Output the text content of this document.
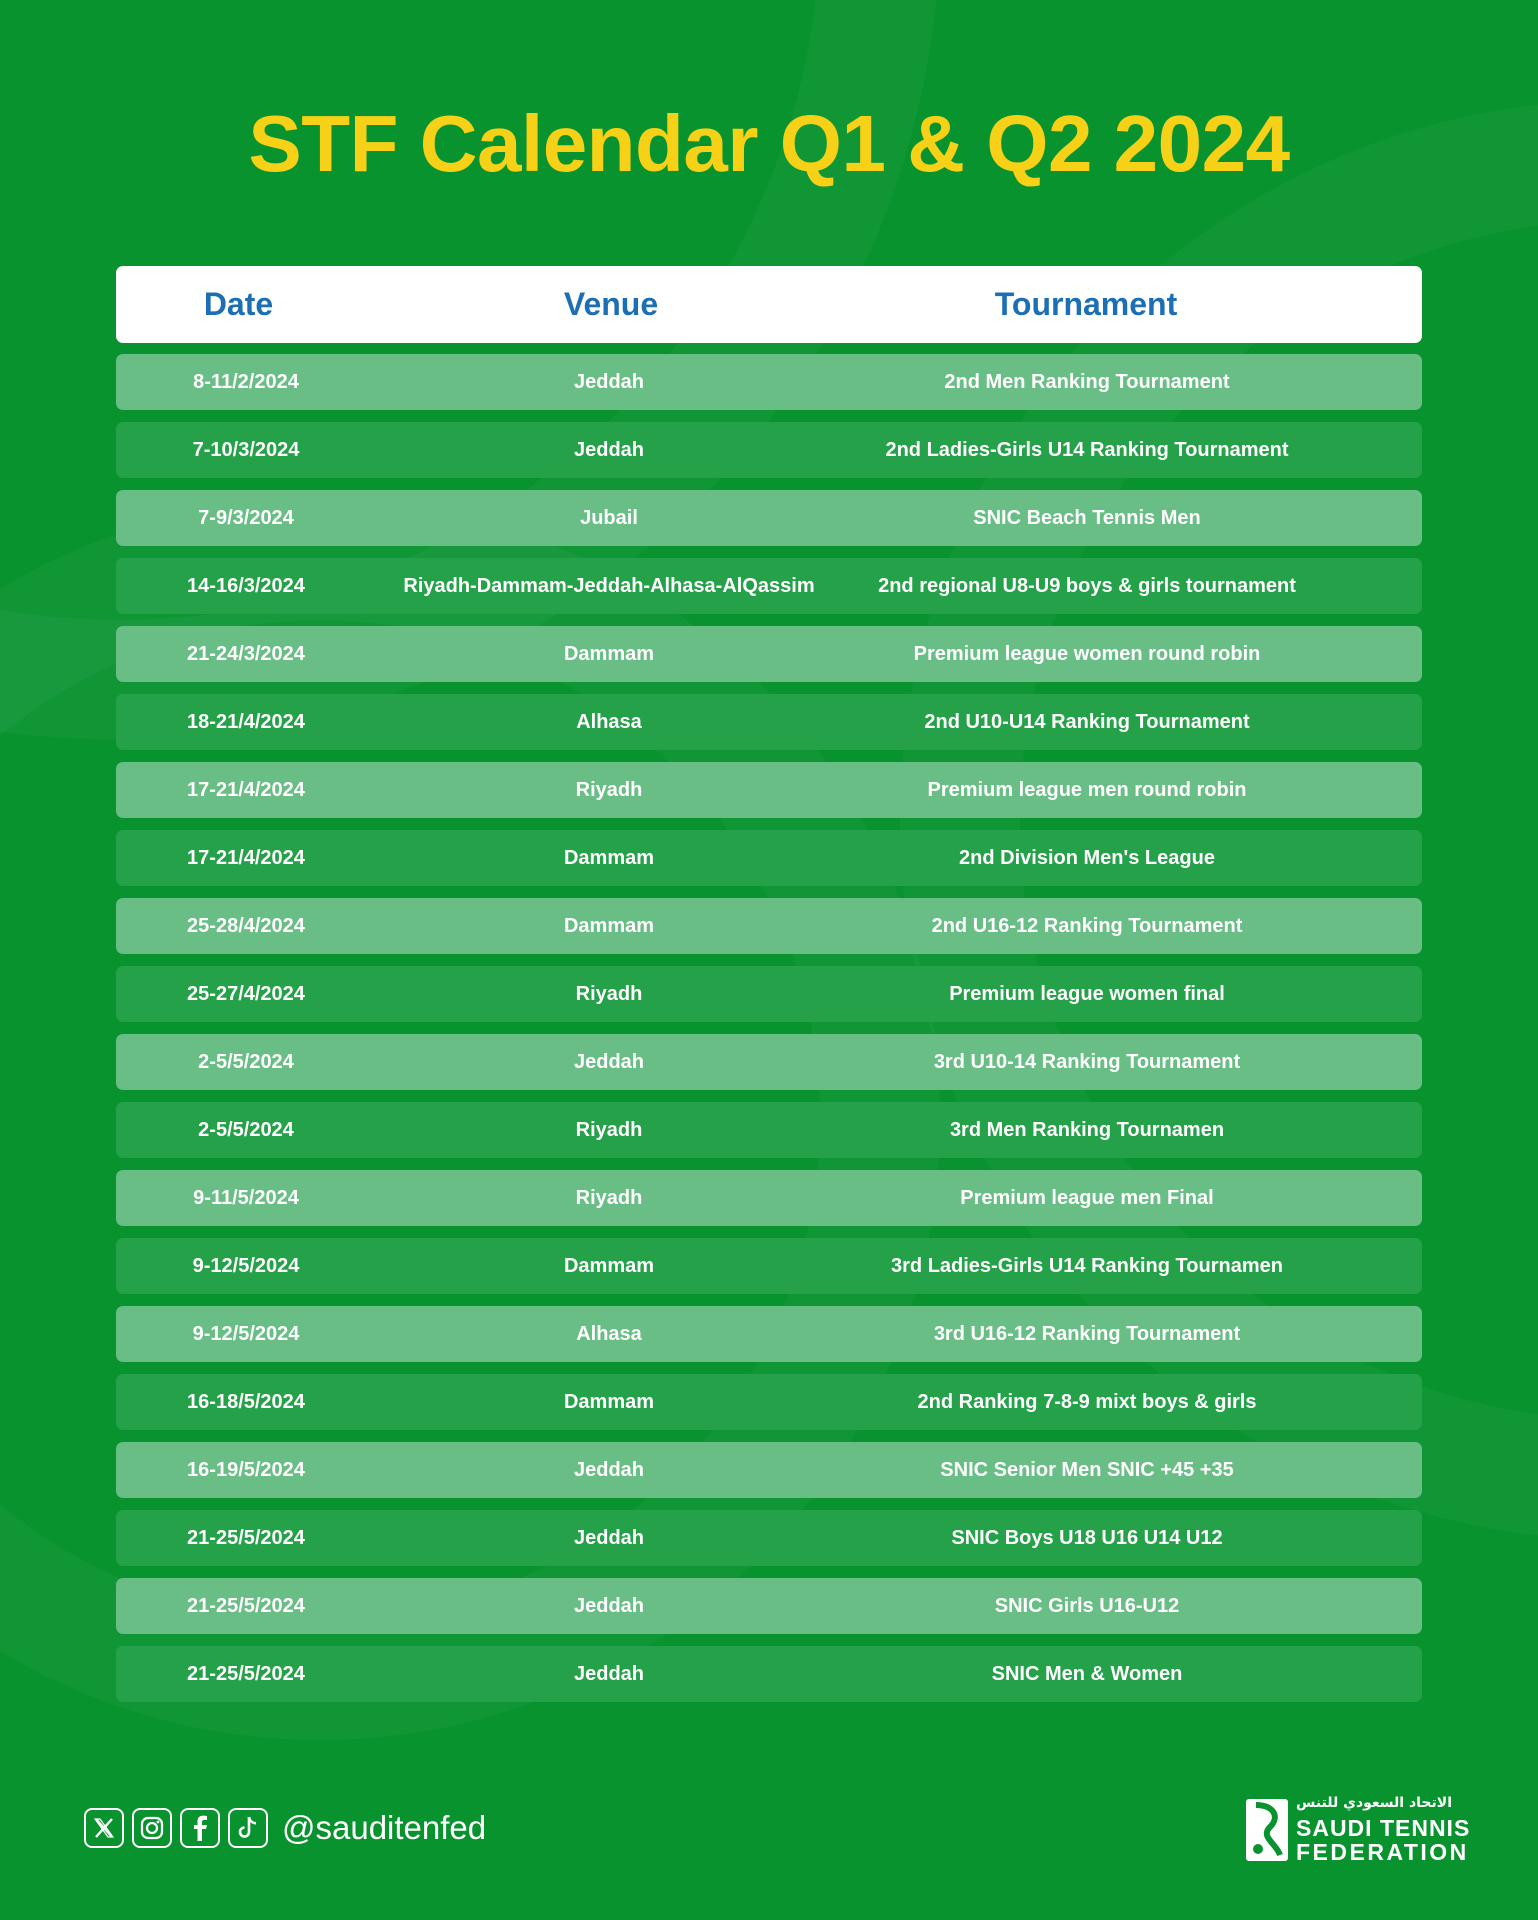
STF Calendar Q1 & Q2 2024
Date	Venue	Tournament
8-11/2/2024	Jeddah	2nd Men Ranking Tournament
7-10/3/2024	Jeddah	2nd Ladies-Girls U14 Ranking Tournament
7-9/3/2024	Jubail	SNIC Beach Tennis Men
14-16/3/2024	Riyadh-Dammam-Jeddah-Alhasa-AlQassim	2nd regional U8-U9 boys & girls tournament
21-24/3/2024	Dammam	Premium league women round robin
18-21/4/2024	Alhasa	2nd U10-U14 Ranking Tournament
17-21/4/2024	Riyadh	Premium league men round robin
17-21/4/2024	Dammam	2nd Division Men's League
25-28/4/2024	Dammam	2nd U16-12 Ranking Tournament
25-27/4/2024	Riyadh	Premium league women final
2-5/5/2024	Jeddah	3rd U10-14 Ranking Tournament
2-5/5/2024	Riyadh	3rd Men Ranking Tournamen
9-11/5/2024	Riyadh	Premium league men Final
9-12/5/2024	Dammam	3rd Ladies-Girls U14 Ranking Tournamen
9-12/5/2024	Alhasa	3rd U16-12 Ranking Tournament
16-18/5/2024	Dammam	2nd Ranking 7-8-9 mixt boys & girls
16-19/5/2024	Jeddah	SNIC Senior Men SNIC +45 +35
21-25/5/2024	Jeddah	SNIC Boys U18 U16 U14 U12
21-25/5/2024	Jeddah	SNIC Girls U16-U12
21-25/5/2024	Jeddah	SNIC Men & Women
@sauditenfed
الاتحاد السعودي للتنس
SAUDI TENNIS
FEDERATION
